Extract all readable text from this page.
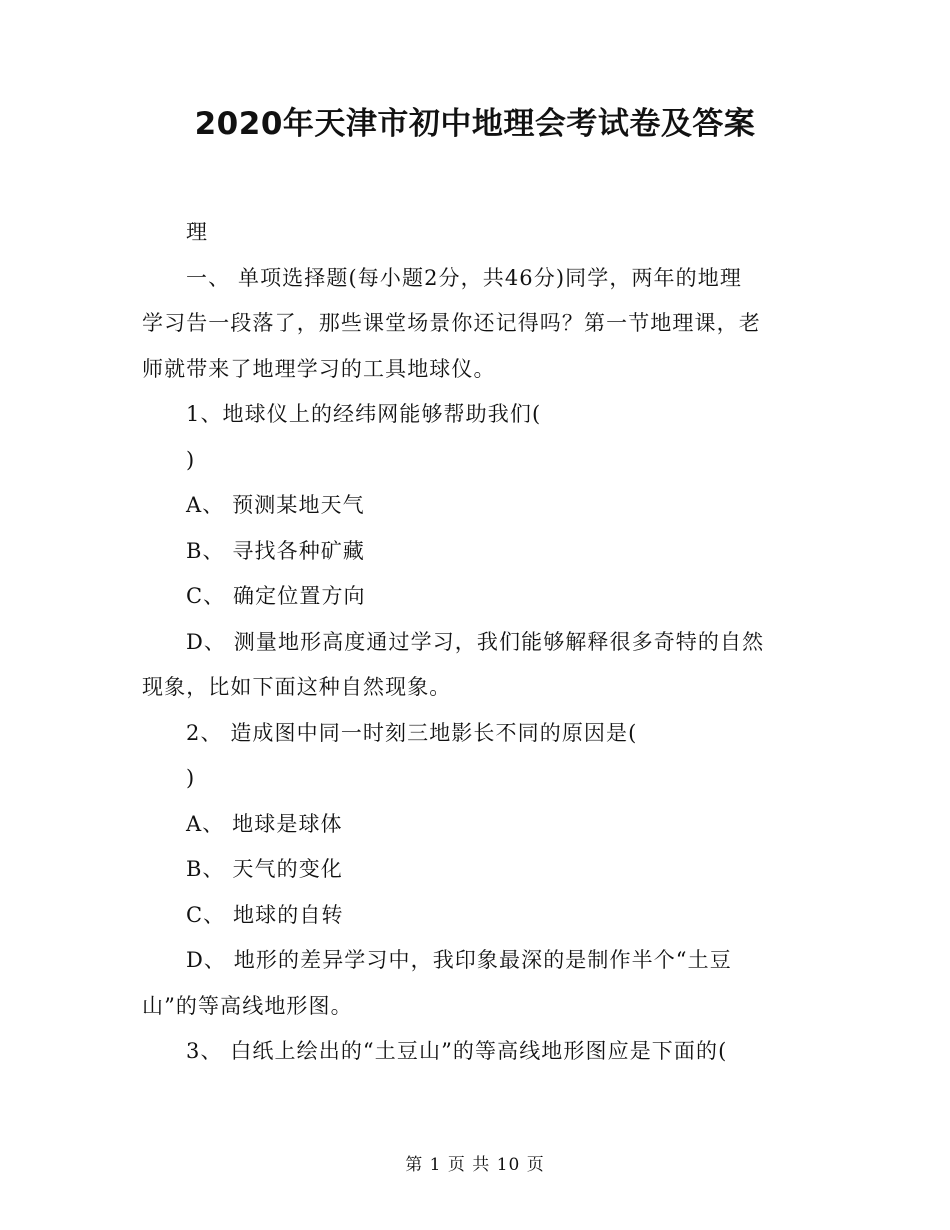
2020年天津市初中地理会考试卷及答案

理

一、 单项选择题(每小题2分，共46分)同学，两年的地理

学习告一段落了，那些课堂场景你还记得吗？第一节地理课，老

师就带来了地理学习的工具地球仪。

1、地球仪上的经纬网能够帮助我们(

)

A、 预测某地天气

B、 寻找各种矿藏

C、 确定位置方向

D、 测量地形高度通过学习，我们能够解释很多奇特的自然

现象，比如下面这种自然现象。

2、 造成图中同一时刻三地影长不同的原因是(

)

A、 地球是球体

B、 天气的变化

C、 地球的自转

D、 地形的差异学习中，我印象最深的是制作半个“土豆

山”的等高线地形图。

3、 白纸上绘出的“土豆山”的等高线地形图应是下面的(

第 1 页 共 10 页
